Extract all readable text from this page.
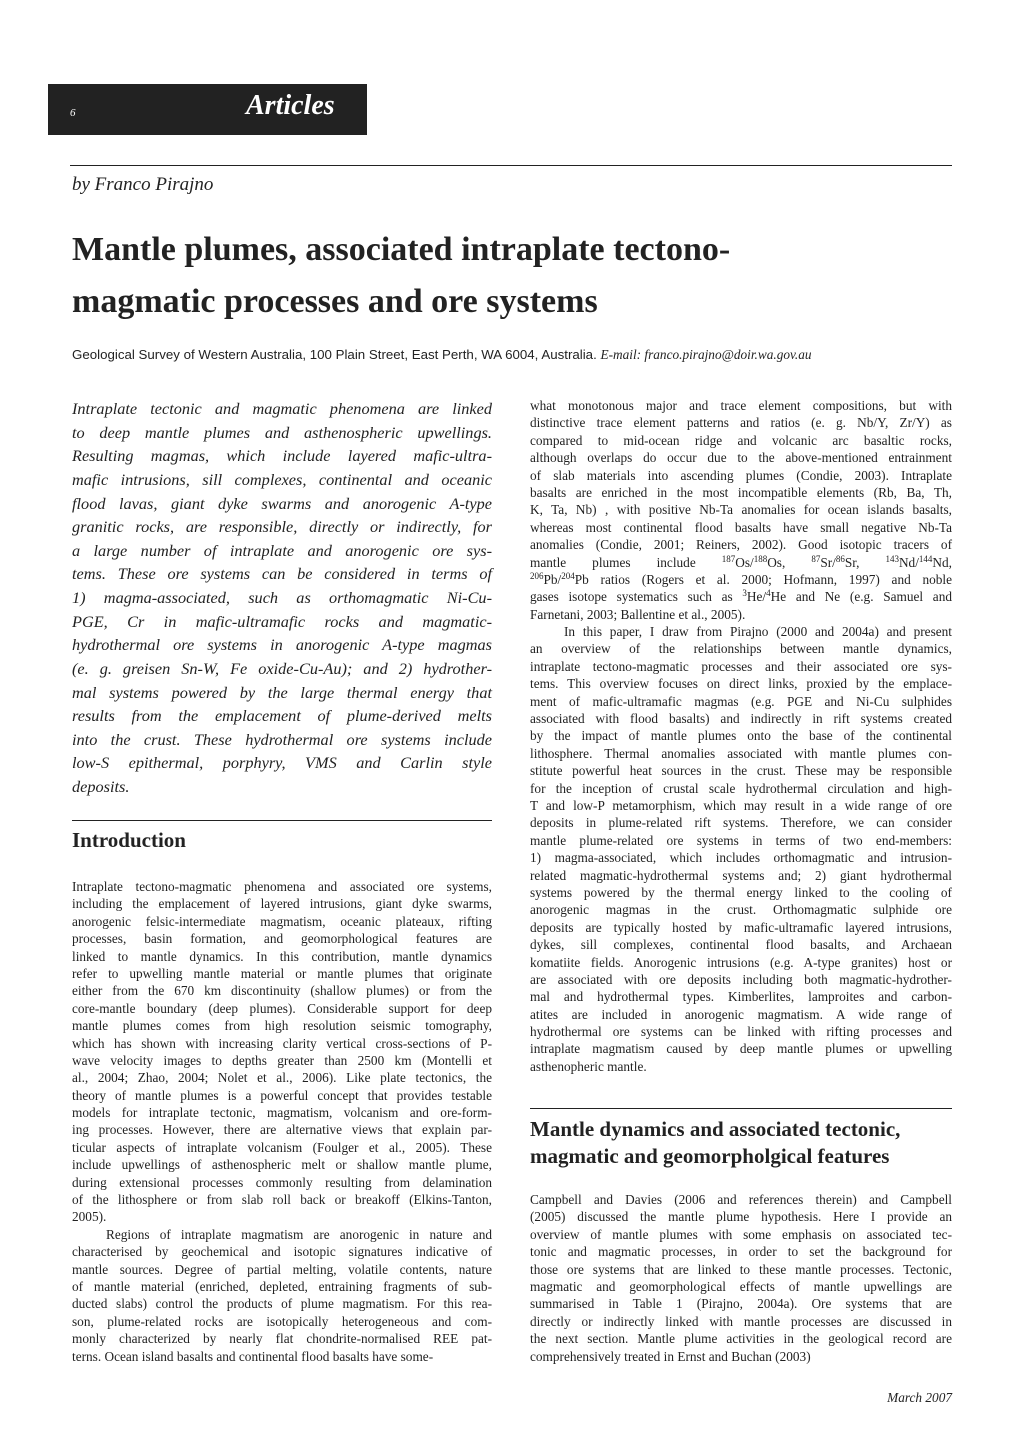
6	Articles
by Franco Pirajno
Mantle plumes, associated intraplate tectono-
magmatic processes and ore systems
Geological Survey of Western Australia, 100 Plain Street, East Perth, WA 6004, Australia. E-mail: franco.pirajno@doir.wa.gov.au
Intraplate tectonic and magmatic phenomena are linked
to deep mantle plumes and asthenospheric upwellings.
Resulting magmas, which include layered mafic-ultra-
mafic intrusions, sill complexes, continental and oceanic
flood lavas, giant dyke swarms and anorogenic A-type
granitic rocks, are responsible, directly or indirectly, for
a large number of intraplate and anorogenic ore sys-
tems. These ore systems can be considered in terms of
1) magma-associated, such as orthomagmatic Ni-Cu-
PGE, Cr in mafic-ultramafic rocks and magmatic-
hydrothermal ore systems in anorogenic A-type magmas
(e. g. greisen Sn-W, Fe oxide-Cu-Au); and 2) hydrother-
mal systems powered by the large thermal energy that
results from the emplacement of plume-derived melts
into the crust. These hydrothermal ore systems include
low-S epithermal, porphyry, VMS and Carlin style
deposits.
Introduction
Intraplate tectono-magmatic phenomena and associated ore systems,
including the emplacement of layered intrusions, giant dyke swarms,
anorogenic felsic-intermediate magmatism, oceanic plateaux, rifting
processes, basin formation, and geomorphological features are
linked to mantle dynamics. In this contribution, mantle dynamics
refer to upwelling mantle material or mantle plumes that originate
either from the 670 km discontinuity (shallow plumes) or from the
core-mantle boundary (deep plumes). Considerable support for deep
mantle plumes comes from high resolution seismic tomography,
which has shown with increasing clarity vertical cross-sections of P-
wave velocity images to depths greater than 2500 km (Montelli et
al., 2004; Zhao, 2004; Nolet et al., 2006). Like plate tectonics, the
theory of mantle plumes is a powerful concept that provides testable
models for intraplate tectonic, magmatism, volcanism and ore-form-
ing processes. However, there are alternative views that explain par-
ticular aspects of intraplate volcanism (Foulger et al., 2005). These
include upwellings of asthenospheric melt or shallow mantle plume,
during extensional processes commonly resulting from delamination
of the lithosphere or from slab roll back or breakoff (Elkins-Tanton,
2005).
Regions of intraplate magmatism are anorogenic in nature and
characterised by geochemical and isotopic signatures indicative of
mantle sources. Degree of partial melting, volatile contents, nature
of mantle material (enriched, depleted, entraining fragments of sub-
ducted slabs) control the products of plume magmatism. For this rea-
son, plume-related rocks are isotopically heterogeneous and com-
monly characterized by nearly flat chondrite-normalised REE pat-
terns. Ocean island basalts and continental flood basalts have some-
what monotonous major and trace element compositions, but with
distinctive trace element patterns and ratios (e. g. Nb/Y, Zr/Y) as
compared to mid-ocean ridge and volcanic arc basaltic rocks,
although overlaps do occur due to the above-mentioned entrainment
of slab materials into ascending plumes (Condie, 2003). Intraplate
basalts are enriched in the most incompatible elements (Rb, Ba, Th,
K, Ta, Nb) , with positive Nb-Ta anomalies for ocean islands basalts,
whereas most continental flood basalts have small negative Nb-Ta
anomalies (Condie, 2001; Reiners, 2002). Good isotopic tracers of
mantle plumes include $^{187}$Os/$^{188}$Os, $^{87}$Sr/$^{86}$Sr, $^{143}$Nd/$^{144}$Nd,
$^{206}$Pb/$^{204}$Pb ratios (Rogers et al. 2000; Hofmann, 1997) and noble
gases isotope systematics such as $^3$He/$^4$He and Ne (e.g. Samuel and
Farnetani, 2003; Ballentine et al., 2005).
In this paper, I draw from Pirajno (2000 and 2004a) and present
an overview of the relationships between mantle dynamics,
intraplate tectono-magmatic processes and their associated ore sys-
tems. This overview focuses on direct links, proxied by the emplace-
ment of mafic-ultramafic magmas (e.g. PGE and Ni-Cu sulphides
associated with flood basalts) and indirectly in rift systems created
by the impact of mantle plumes onto the base of the continental
lithosphere. Thermal anomalies associated with mantle plumes con-
stitute powerful heat sources in the crust. These may be responsible
for the inception of crustal scale hydrothermal circulation and high-
T and low-P metamorphism, which may result in a wide range of ore
deposits in plume-related rift systems. Therefore, we can consider
mantle plume-related ore systems in terms of two end-members:
1) magma-associated, which includes orthomagmatic and intrusion-
related magmatic-hydrothermal systems and; 2) giant hydrothermal
systems powered by the thermal energy linked to the cooling of
anorogenic magmas in the crust. Orthomagmatic sulphide ore
deposits are typically hosted by mafic-ultramafic layered intrusions,
dykes, sill complexes, continental flood basalts, and Archaean
komatiite fields. Anorogenic intrusions (e.g. A-type granites) host or
are associated with ore deposits including both magmatic-hydrother-
mal and hydrothermal types. Kimberlites, lamproites and carbon-
atites are included in anorogenic magmatism. A wide range of
hydrothermal ore systems can be linked with rifting processes and
intraplate magmatism caused by deep mantle plumes or upwelling
asthenopheric mantle.
Mantle dynamics and associated tectonic,
magmatic and geomorpholgical features
Campbell and Davies (2006 and references therein) and Campbell
(2005) discussed the mantle plume hypothesis. Here I provide an
overview of mantle plumes with some emphasis on associated tec-
tonic and magmatic processes, in order to set the background for
those ore systems that are linked to these mantle processes. Tectonic,
magmatic and geomorphological effects of mantle upwellings are
summarised in Table 1 (Pirajno, 2004a). Ore systems that are
directly or indirectly linked with mantle processes are discussed in
the next section. Mantle plume activities in the geological record are
comprehensively treated in Ernst and Buchan (2003)
March 2007
